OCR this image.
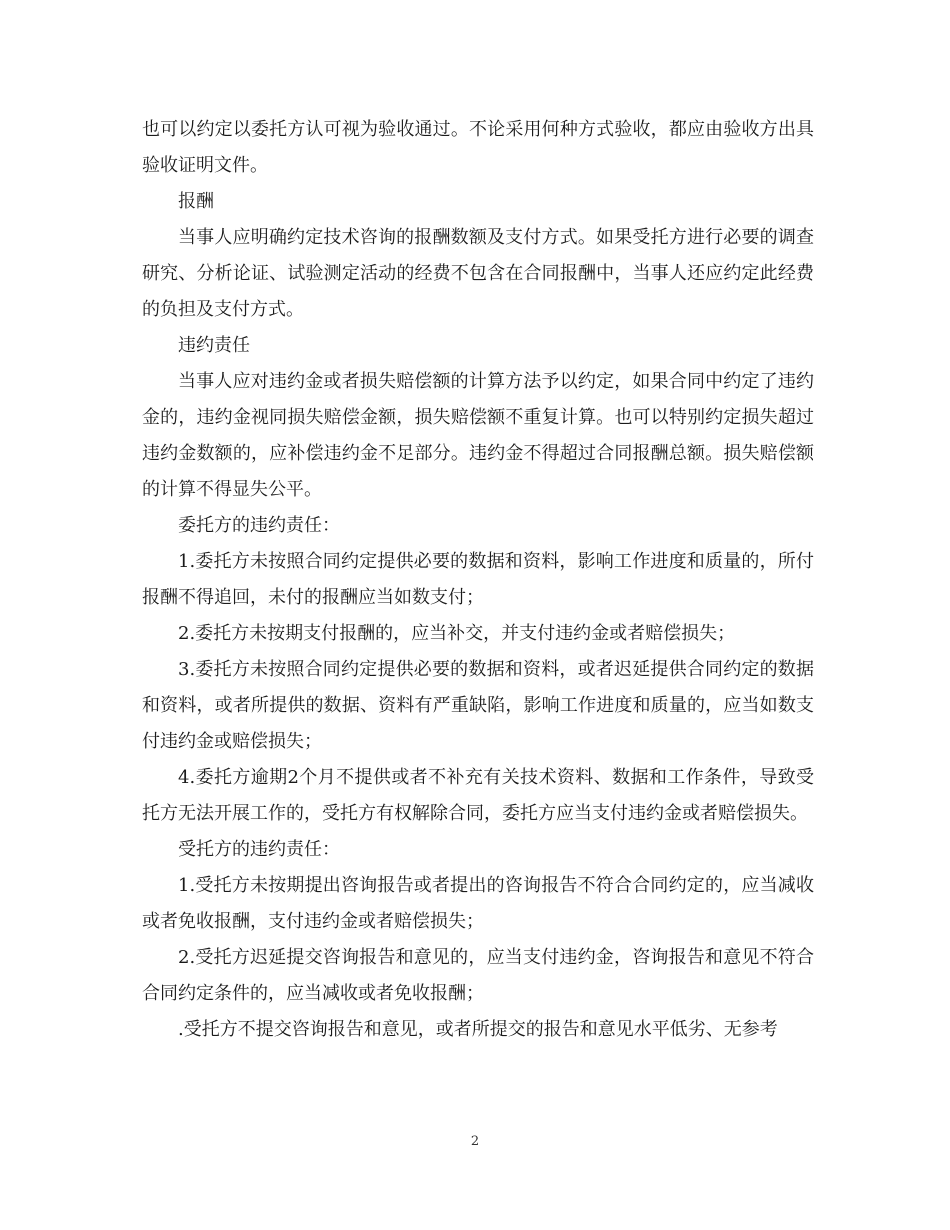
也可以约定以委托方认可视为验收通过。不论采用何种方式验收，都应由验收方出具验收证明文件。

报酬

当事人应明确约定技术咨询的报酬数额及支付方式。如果受托方进行必要的调查研究、分析论证、试验测定活动的经费不包含在合同报酬中，当事人还应约定此经费的负担及支付方式。

违约责任

当事人应对违约金或者损失赔偿额的计算方法予以约定，如果合同中约定了违约金的，违约金视同损失赔偿金额，损失赔偿额不重复计算。也可以特别约定损失超过违约金数额的，应补偿违约金不足部分。违约金不得超过合同报酬总额。损失赔偿额的计算不得显失公平。

委托方的违约责任：

1.委托方未按照合同约定提供必要的数据和资料，影响工作进度和质量的，所付报酬不得追回，未付的报酬应当如数支付；

2.委托方未按期支付报酬的，应当补交，并支付违约金或者赔偿损失；

3.委托方未按照合同约定提供必要的数据和资料，或者迟延提供合同约定的数据和资料，或者所提供的数据、资料有严重缺陷，影响工作进度和质量的，应当如数支付违约金或赔偿损失；

4.委托方逾期2个月不提供或者不补充有关技术资料、数据和工作条件，导致受托方无法开展工作的，受托方有权解除合同，委托方应当支付违约金或者赔偿损失。

受托方的违约责任：

1.受托方未按期提出咨询报告或者提出的咨询报告不符合合同约定的，应当减收或者免收报酬，支付违约金或者赔偿损失；

2.受托方迟延提交咨询报告和意见的，应当支付违约金，咨询报告和意见不符合合同约定条件的，应当减收或者免收报酬；

.受托方不提交咨询报告和意见，或者所提交的报告和意见水平低劣、无参考

2
